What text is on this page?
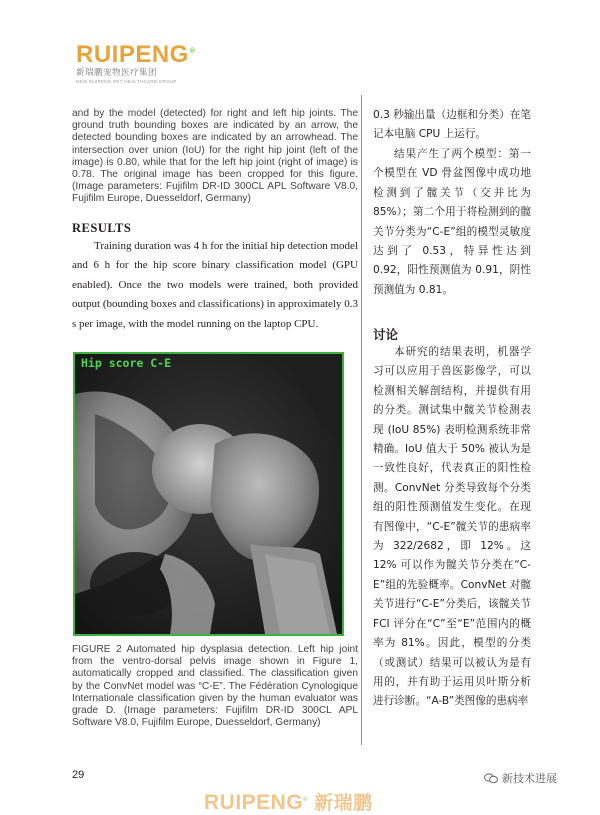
RUIPENG®
新瑞鹏宠物医疗集团
NEW RUIPENG PET HEALTHCARE GROUP

and by the model (detected) for right and left hip joints. The ground truth bounding boxes are indicated by an arrow, the detected bounding boxes are indicated by an arrowhead. The intersection over union (IoU) for the right hip joint (left of the image) is 0.80, while that for the left hip joint (right of image) is 0.78. The original image has been cropped for this figure. (Image parameters: Fujifilm DR-ID 300CL APL Software V8.0, Fujifilm Europe, Duesseldorf, Germany)

RESULTS

Training duration was 4 h for the initial hip detection model and 6 h for the hip score binary classification model (GPU enabled). Once the two models were trained, both provided output (bounding boxes and classifications) in approximately 0.3 s per image, with the model running on the laptop CPU.

Hip score C-E

FIGURE 2 Automated hip dysplasia detection. Left hip joint from the ventro-dorsal pelvis image shown in Figure 1, automatically cropped and classified. The classification given by the ConvNet model was “C-E”. The Fédération Cynologique Internationale classification given by the human evaluator was grade D. (Image parameters: Fujifilm DR-ID 300CL APL Software V8.0, Fujifilm Europe, Duesseldorf, Germany)

0.3 秒输出量（边框和分类）在笔记本电脑 CPU 上运行。

结果产生了两个模型：第一个模型在 VD 骨盆图像中成功地检测到了髋关节（交并比为 85%）；第二个用于将检测到的髋关节分类为“C-E”组的模型灵敏度达到了 0.53，特异性达到 0.92，阳性预测值为 0.91，阴性预测值为 0.81。

讨论

本研究的结果表明，机器学习可以应用于兽医影像学，可以检测相关解剖结构，并提供有用的分类。测试集中髋关节检测表现 (IoU 85%) 表明检测系统非常精确。IoU 值大于 50% 被认为是一致性良好，代表真正的阳性检测。ConvNet 分类导致每个分类组的阳性预测值发生变化。在现有图像中，“C-E”髋关节的患病率为 322/2682，即 12%。这 12% 可以作为髋关节分类在“C-E”组的先验概率。ConvNet 对髋关节进行“C-E”分类后，该髋关节 FCI 评分在“C”至“E”范围内的概率为 81%。因此，模型的分类（或测试）结果可以被认为是有用的，并有助于运用贝叶斯分析进行诊断。“A-B”类图像的患病率

29
RUIPENG® 新瑞鹏
新技术进展
